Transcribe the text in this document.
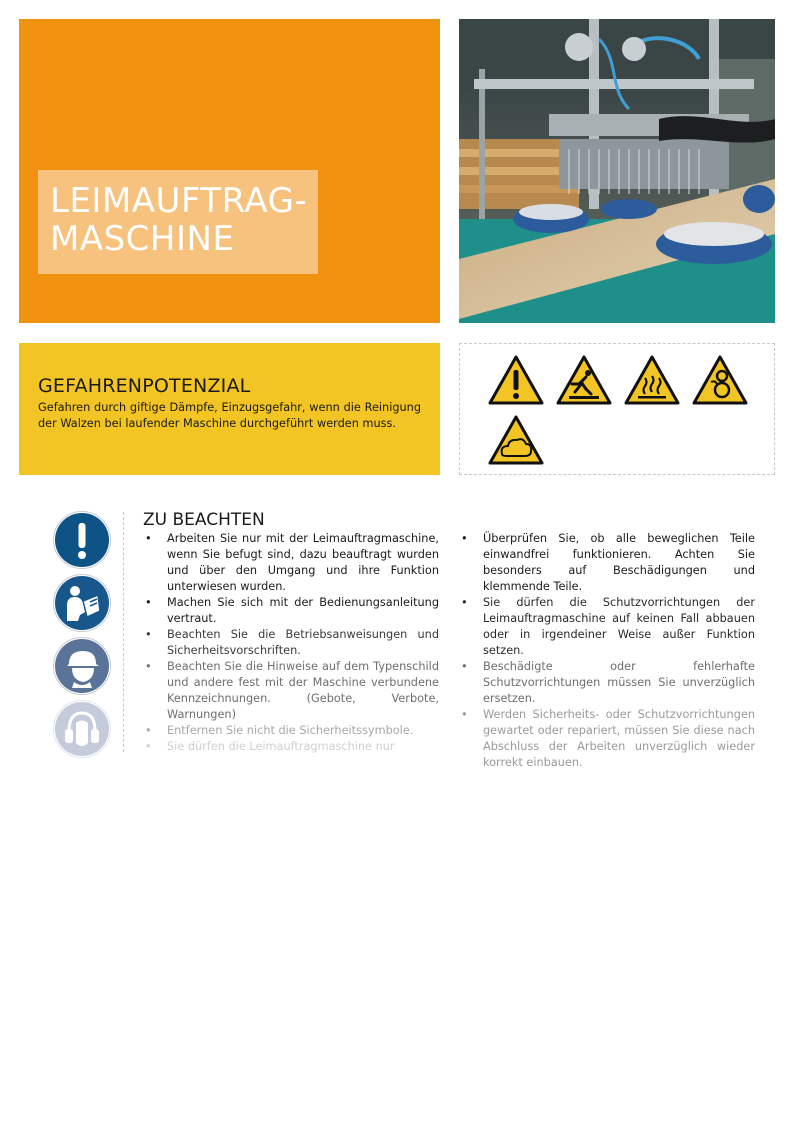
LEIMAUFTRAG-
MASCHINE
GEFAHRENPOTENZIAL
Gefahren durch giftige Dämpfe, Einzugsgefahr, wenn die Reinigung der Walzen bei laufender Maschine durchgeführt werden muss.
ZU BEACHTEN
• Arbeiten Sie nur mit der Leimauftragmaschine, wenn Sie befugt sind, dazu beauftragt wurden und über den Umgang und ihre Funktion unterwiesen wurden.
• Machen Sie sich mit der Bedienungsanleitung vertraut.
• Beachten Sie die Betriebsanweisungen und Sicherheitsvorschriften.
• Beachten Sie die Hinweise auf dem Typenschild und andere fest mit der Maschine verbundene Kennzeichnungen. (Gebote, Verbote, Warnungen)
• Entfernen Sie nicht die Sicherheitssymbole.
• Sie dürfen die Leimauftragmaschine nur
• Überprüfen Sie, ob alle beweglichen Teile einwandfrei funktionieren. Achten Sie besonders auf Beschädigungen und klemmende Teile.
• Sie dürfen die Schutzvorrichtungen der Leimauftragmaschine auf keinen Fall abbauen oder in irgendeiner Weise außer Funktion setzen.
• Beschädigte oder fehlerhafte Schutzvorrichtungen müssen Sie unverzüglich ersetzen.
• Werden Sicherheits- oder Schutzvorrichtungen gewartet oder repariert, müssen Sie diese nach Abschluss der Arbeiten unverzüglich wieder korrekt einbauen.
